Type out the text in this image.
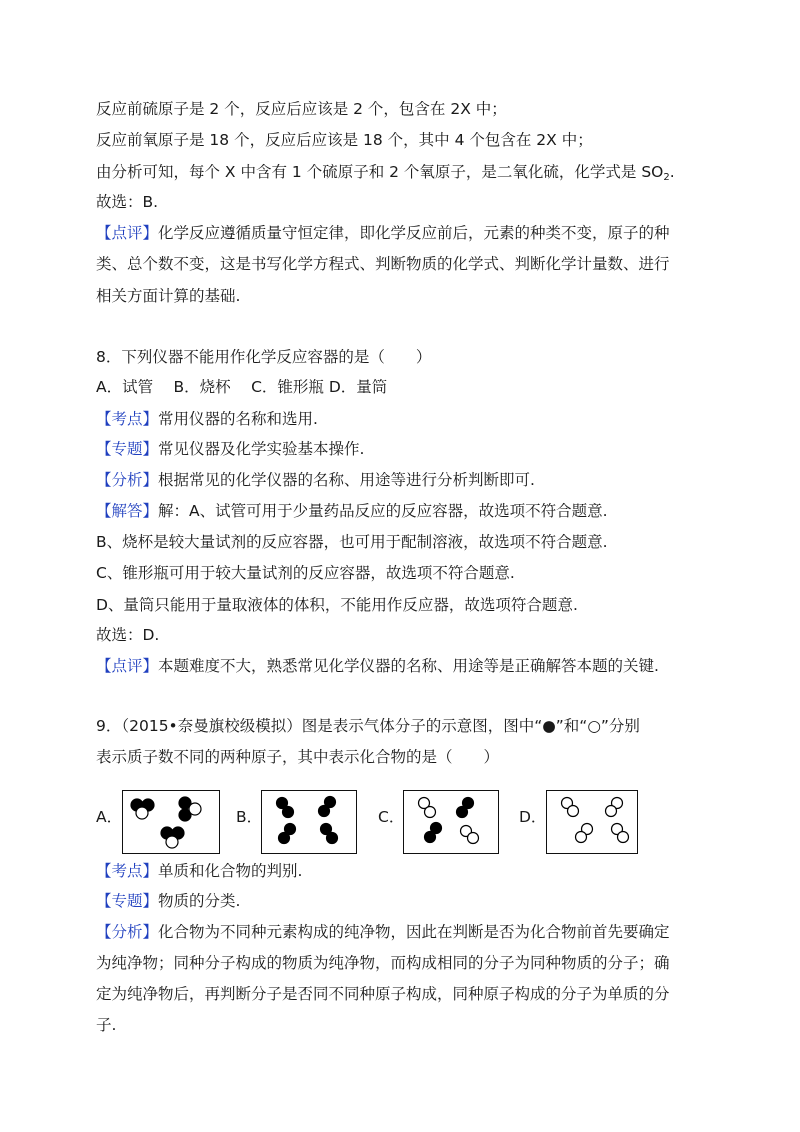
反应前硫原子是 2 个，反应后应该是 2 个，包含在 2X 中；
反应前氧原子是 18 个，反应后应该是 18 个，其中 4 个包含在 2X 中；
由分析可知，每个 X 中含有 1 个硫原子和 2 个氧原子，是二氧化硫，化学式是 $SO_2$.
故选：B.
【点评】化学反应遵循质量守恒定律，即化学反应前后，元素的种类不变，原子的种
类、总个数不变，这是书写化学方程式、判断物质的化学式、判断化学计量数、进行
相关方面计算的基础.
8．下列仪器不能用作化学反应容器的是（　　）
A．试管　 B．烧杯　 C．锥形瓶 D．量筒
【考点】常用仪器的名称和选用.
【专题】常见仪器及化学实验基本操作.
【分析】根据常见的化学仪器的名称、用途等进行分析判断即可.
【解答】解：A、试管可用于少量药品反应的反应容器，故选项不符合题意.
B、烧杯是较大量试剂的反应容器，也可用于配制溶液，故选项不符合题意.
C、锥形瓶可用于较大量试剂的反应容器，故选项不符合题意.
D、量筒只能用于量取液体的体积，不能用作反应器，故选项符合题意.
故选：D.
【点评】本题难度不大，熟悉常见化学仪器的名称、用途等是正确解答本题的关键.
9．（2015•奈曼旗校级模拟）图是表示气体分子的示意图，图中“●”和“○”分别
表示质子数不同的两种原子，其中表示化合物的是（　　）
A．	B．	C．	D．
【考点】单质和化合物的判别.
【专题】物质的分类.
【分析】化合物为不同种元素构成的纯净物，因此在判断是否为化合物前首先要确定
为纯净物；同种分子构成的物质为纯净物，而构成相同的分子为同种物质的分子；确
定为纯净物后，再判断分子是否同不同种原子构成，同种原子构成的分子为单质的分
子.
